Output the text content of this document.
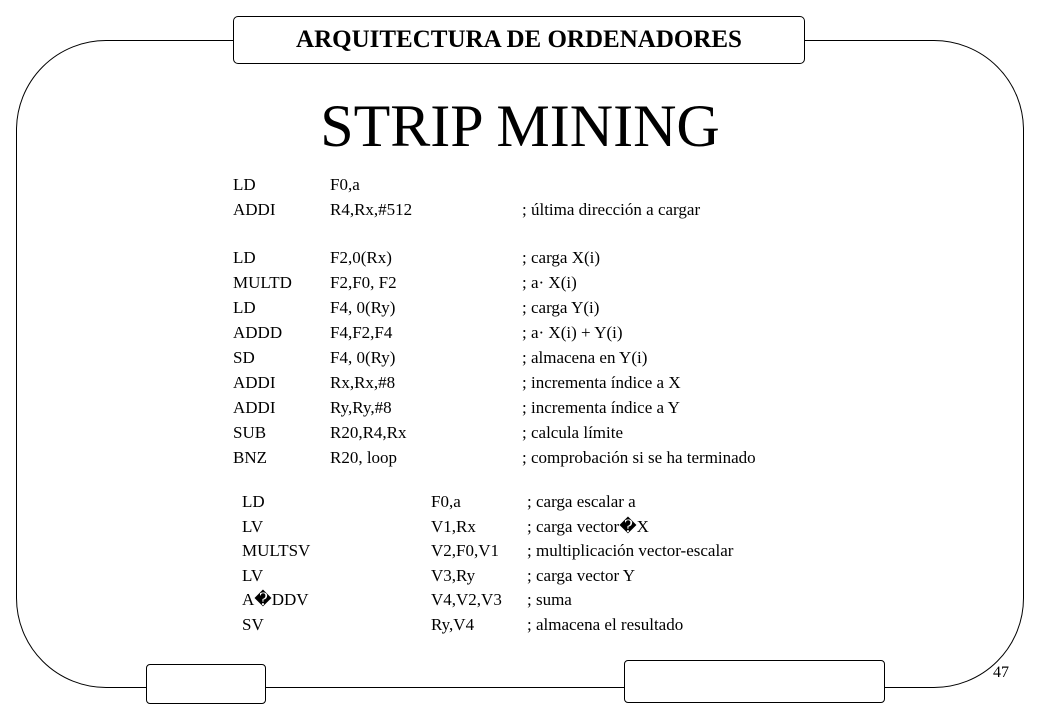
ARQUITECTURA DE ORDENADORES
STRIP MINING
LD	F0,a
ADDI	R4,Rx,#512	; última dirección a cargar
LD	F2,0(Rx)	; carga X(i)
MULTD F2,F0, F2	; a· X(i)
LD	F4, 0(Ry)	; carga Y(i)
ADDD	F4,F2,F4	; a· X(i) + Y(i)
SD	F4, 0(Ry)	; almacena en Y(i)
ADDI	Rx,Rx,#8	; incrementa índice a X
ADDI	Ry,Ry,#8	; incrementa índice a Y
SUB	R20,R4,Rx	; calcula límite
BNZ	R20, loop	; comprobación si se ha terminado
LD	F0,a	; carga escalar a
LV	V1,Rx	; carga vector�X
MULTSV	V2,F0,V1 ; multiplicación vector-escalar
LV	V3,Ry	; carga vector Y
A�DDV	V4,V2,V3 ; suma
SV	Ry,V4	; almacena el resultado
47
